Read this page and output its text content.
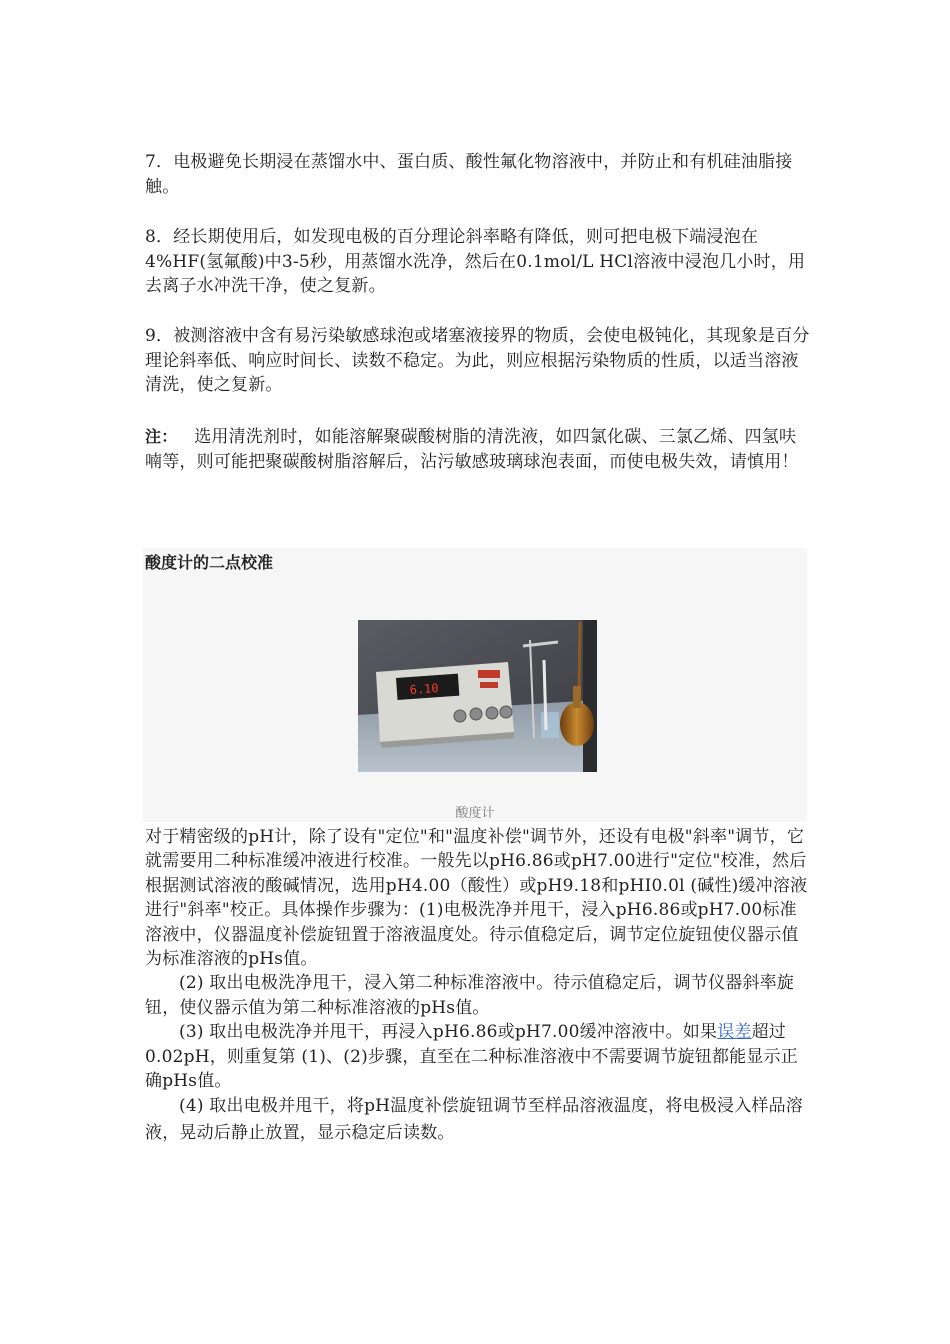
7．电极避免长期浸在蒸馏水中、蛋白质、酸性氟化物溶液中，并防止和有机硅油脂接触。

8．经长期使用后，如发现电极的百分理论斜率略有降低，则可把电极下端浸泡在4%HF(氢氟酸)中3-5秒，用蒸馏水洗净，然后在0.1mol/L HCl溶液中浸泡几小时，用去离子水冲洗干净，使之复新。

9．被测溶液中含有易污染敏感球泡或堵塞液接界的物质，会使电极钝化，其现象是百分理论斜率低、响应时间长、读数不稳定。为此，则应根据污染物质的性质，以适当溶液清洗，使之复新。

注： 选用清洗剂时，如能溶解聚碳酸树脂的清洗液，如四氯化碳、三氯乙烯、四氢呋喃等，则可能把聚碳酸树脂溶解后，沾污敏感玻璃球泡表面，而使电极失效，请慎用！

酸度计的二点校准
6.10
酸度计

对于精密级的pH计，除了设有"定位"和"温度补偿"调节外，还设有电极"斜率"调节，它就需要用二种标准缓冲液进行校准。一般先以pH6.86或pH7.00进行"定位"校准，然后根据测试溶液的酸碱情况，选用pH4.00（酸性）或pH9.18和pHI0.0l (碱性)缓冲溶液进行"斜率"校正。具体操作步骤为：(1)电极洗净并甩干，浸入pH6.86或pH7.00标准溶液中，仪器温度补偿旋钮置于溶液温度处。待示值稳定后，调节定位旋钮使仪器示值为标准溶液的pHs值。

(2) 取出电极洗净甩干，浸入第二种标准溶液中。待示值稳定后，调节仪器斜率旋钮，使仪器示值为第二种标准溶液的pHs值。

(3) 取出电极洗净并甩干，再浸入pH6.86或pH7.00缓冲溶液中。如果误差超过0.02pH，则重复第 (1)、(2)步骤，直至在二种标准溶液中不需要调节旋钮都能显示正确pHs值。

(4) 取出电极并甩干，将pH温度补偿旋钮调节至样品溶液温度，将电极浸入样品溶液，晃动后静止放置，显示稳定后读数。
